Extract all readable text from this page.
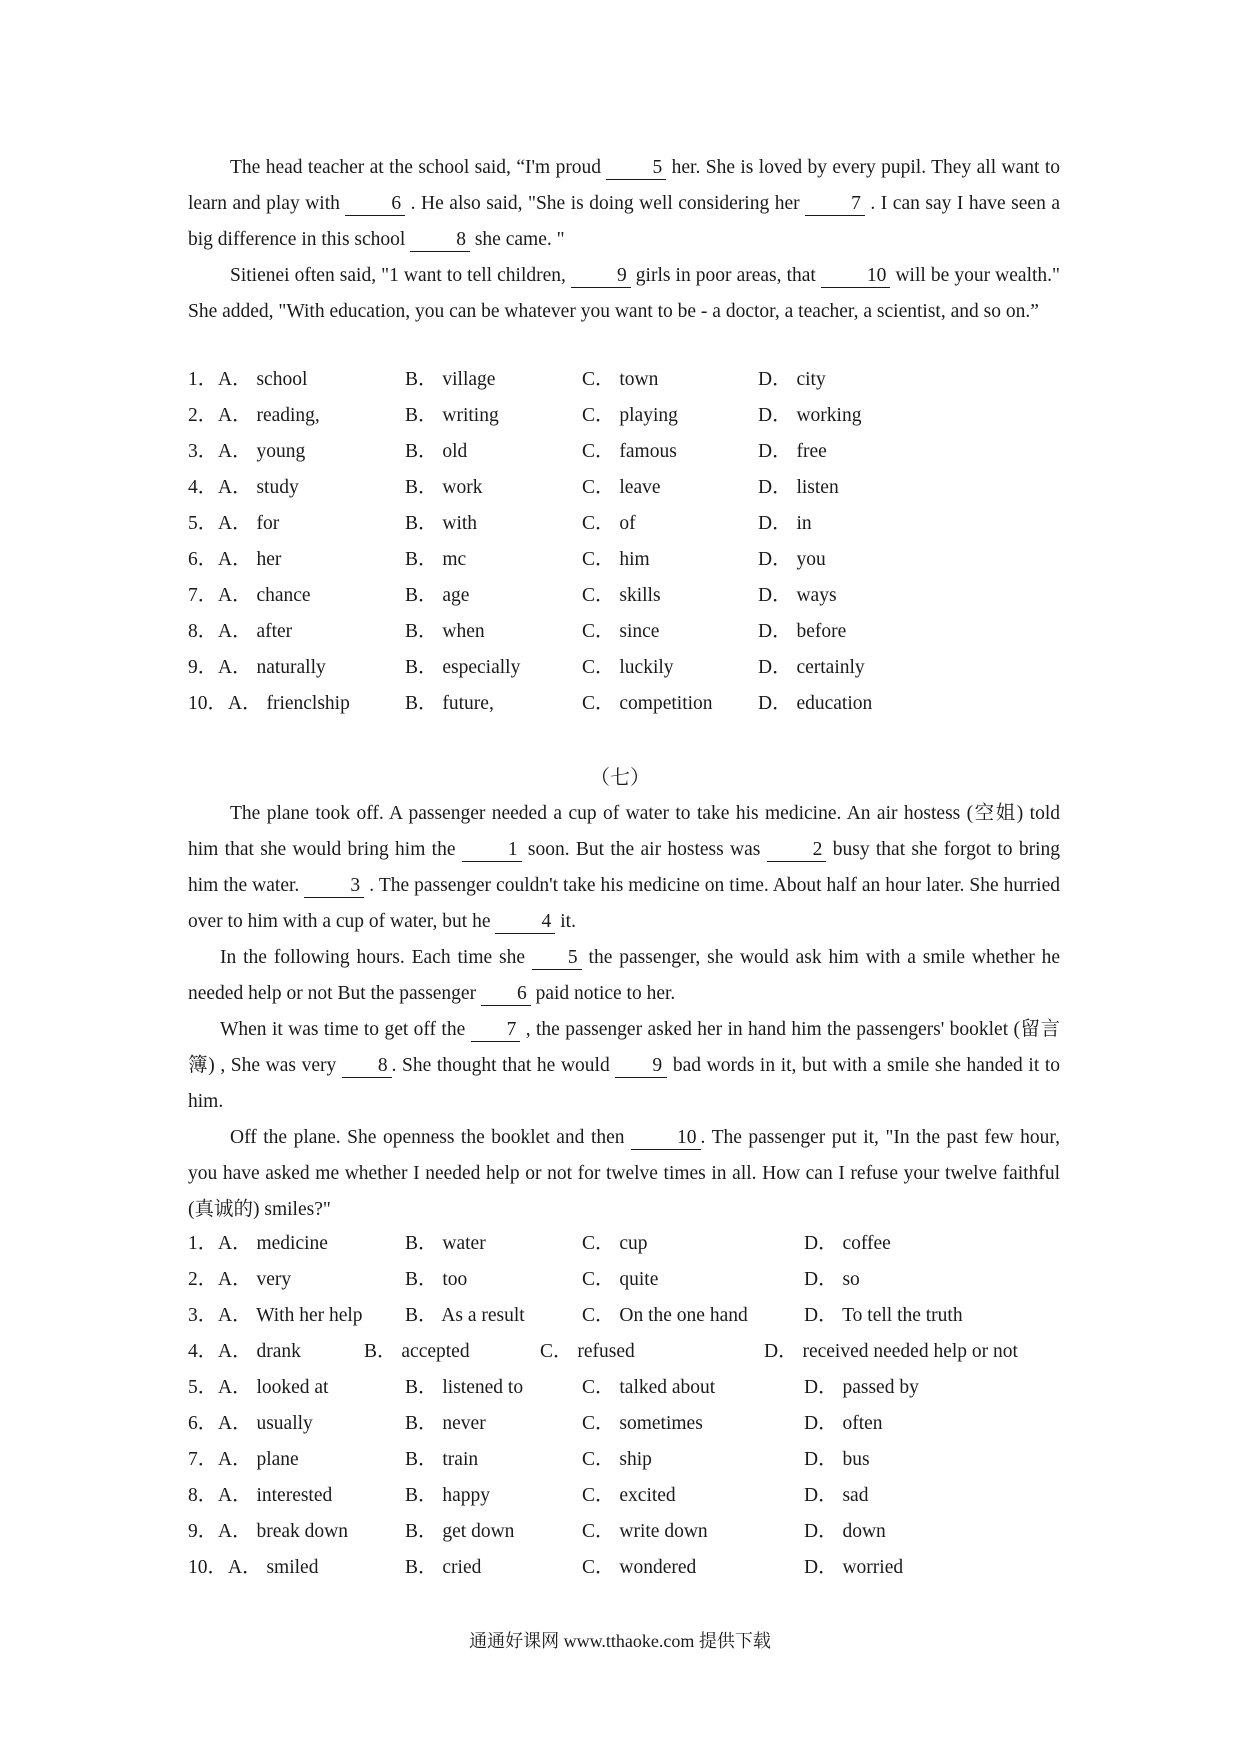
The head teacher at the school said, “I'm proud 5 her. She is loved by every pupil. They all want to learn and play with 6 . He also said, "She is doing well considering her 7 . I can say I have seen a big difference in this school 8 she came. "

Sitienei often said, "1 want to tell children, 9 girls in poor areas, that 10 will be your wealth." She added, "With education, you can be whatever you want to be - a doctor, a teacher, a scientist, and so on.”

1． A． school	B． village	C． town	D． city
2． A． reading,	B． writing	C． playing	D． working
3． A． young	B． old	C． famous	D． free
4． A． study	B． work	C． leave	D． listen
5． A． for	B． with	C． of	D． in
6． A． her	B． mc	C． him	D． you
7． A． chance	B． age	C． skills	D． ways
8． A． after	B． when	C． since	D． before
9． A． naturally	B． especially	C． luckily	D． certainly
10． A． frienclship	B． future,	C． competition D． education
（七）

The plane took off. A passenger needed a cup of water to take his medicine. An air hostess (空姐) told him that she would bring him the 1 soon. But the air hostess was 2 busy that she forgot to bring him the water. 3 . The passenger couldn't take his medicine on time. About half an hour later. She hurried over to him with a cup of water, but he 4 it.

In the following hours. Each time she 5 the passenger, she would ask him with a smile whether he needed help or not But the passenger 6 paid notice to her.

When it was time to get off the 7 , the passenger asked her in hand him the passengers' booklet (留言簿) , She was very 8 . She thought that he would 9 bad words in it, but with a smile she handed it to him.

Off the plane. She openness the booklet and then 10 . The passenger put it, "In the past few hour, you have asked me whether I needed help or not for twelve times in all. How can I refuse your twelve faithful (真诚的) smiles?"

1． A． medicine	B． water	C． cup	D． coffee
2． A． very	B． too	C． quite	D． so
3． A． With her help B． As a result	C． On the one hand	D． To tell the truth
4． A． drank	B． accepted	C． refused	D． received needed help or not
5． A． looked at	B． listened to	C． talked about	D． passed by
6． A． usually	B． never	C． sometimes	D． often
7． A． plane	B． train	C． ship	D． bus
8． A． interested	B． happy	C． excited	D． sad
9． A． break down	B． get down	C． write down	D． down
10． A． smiled	B． cried	C． wondered	D． worried
通通好课网 www.tthaoke.com 提供下载
